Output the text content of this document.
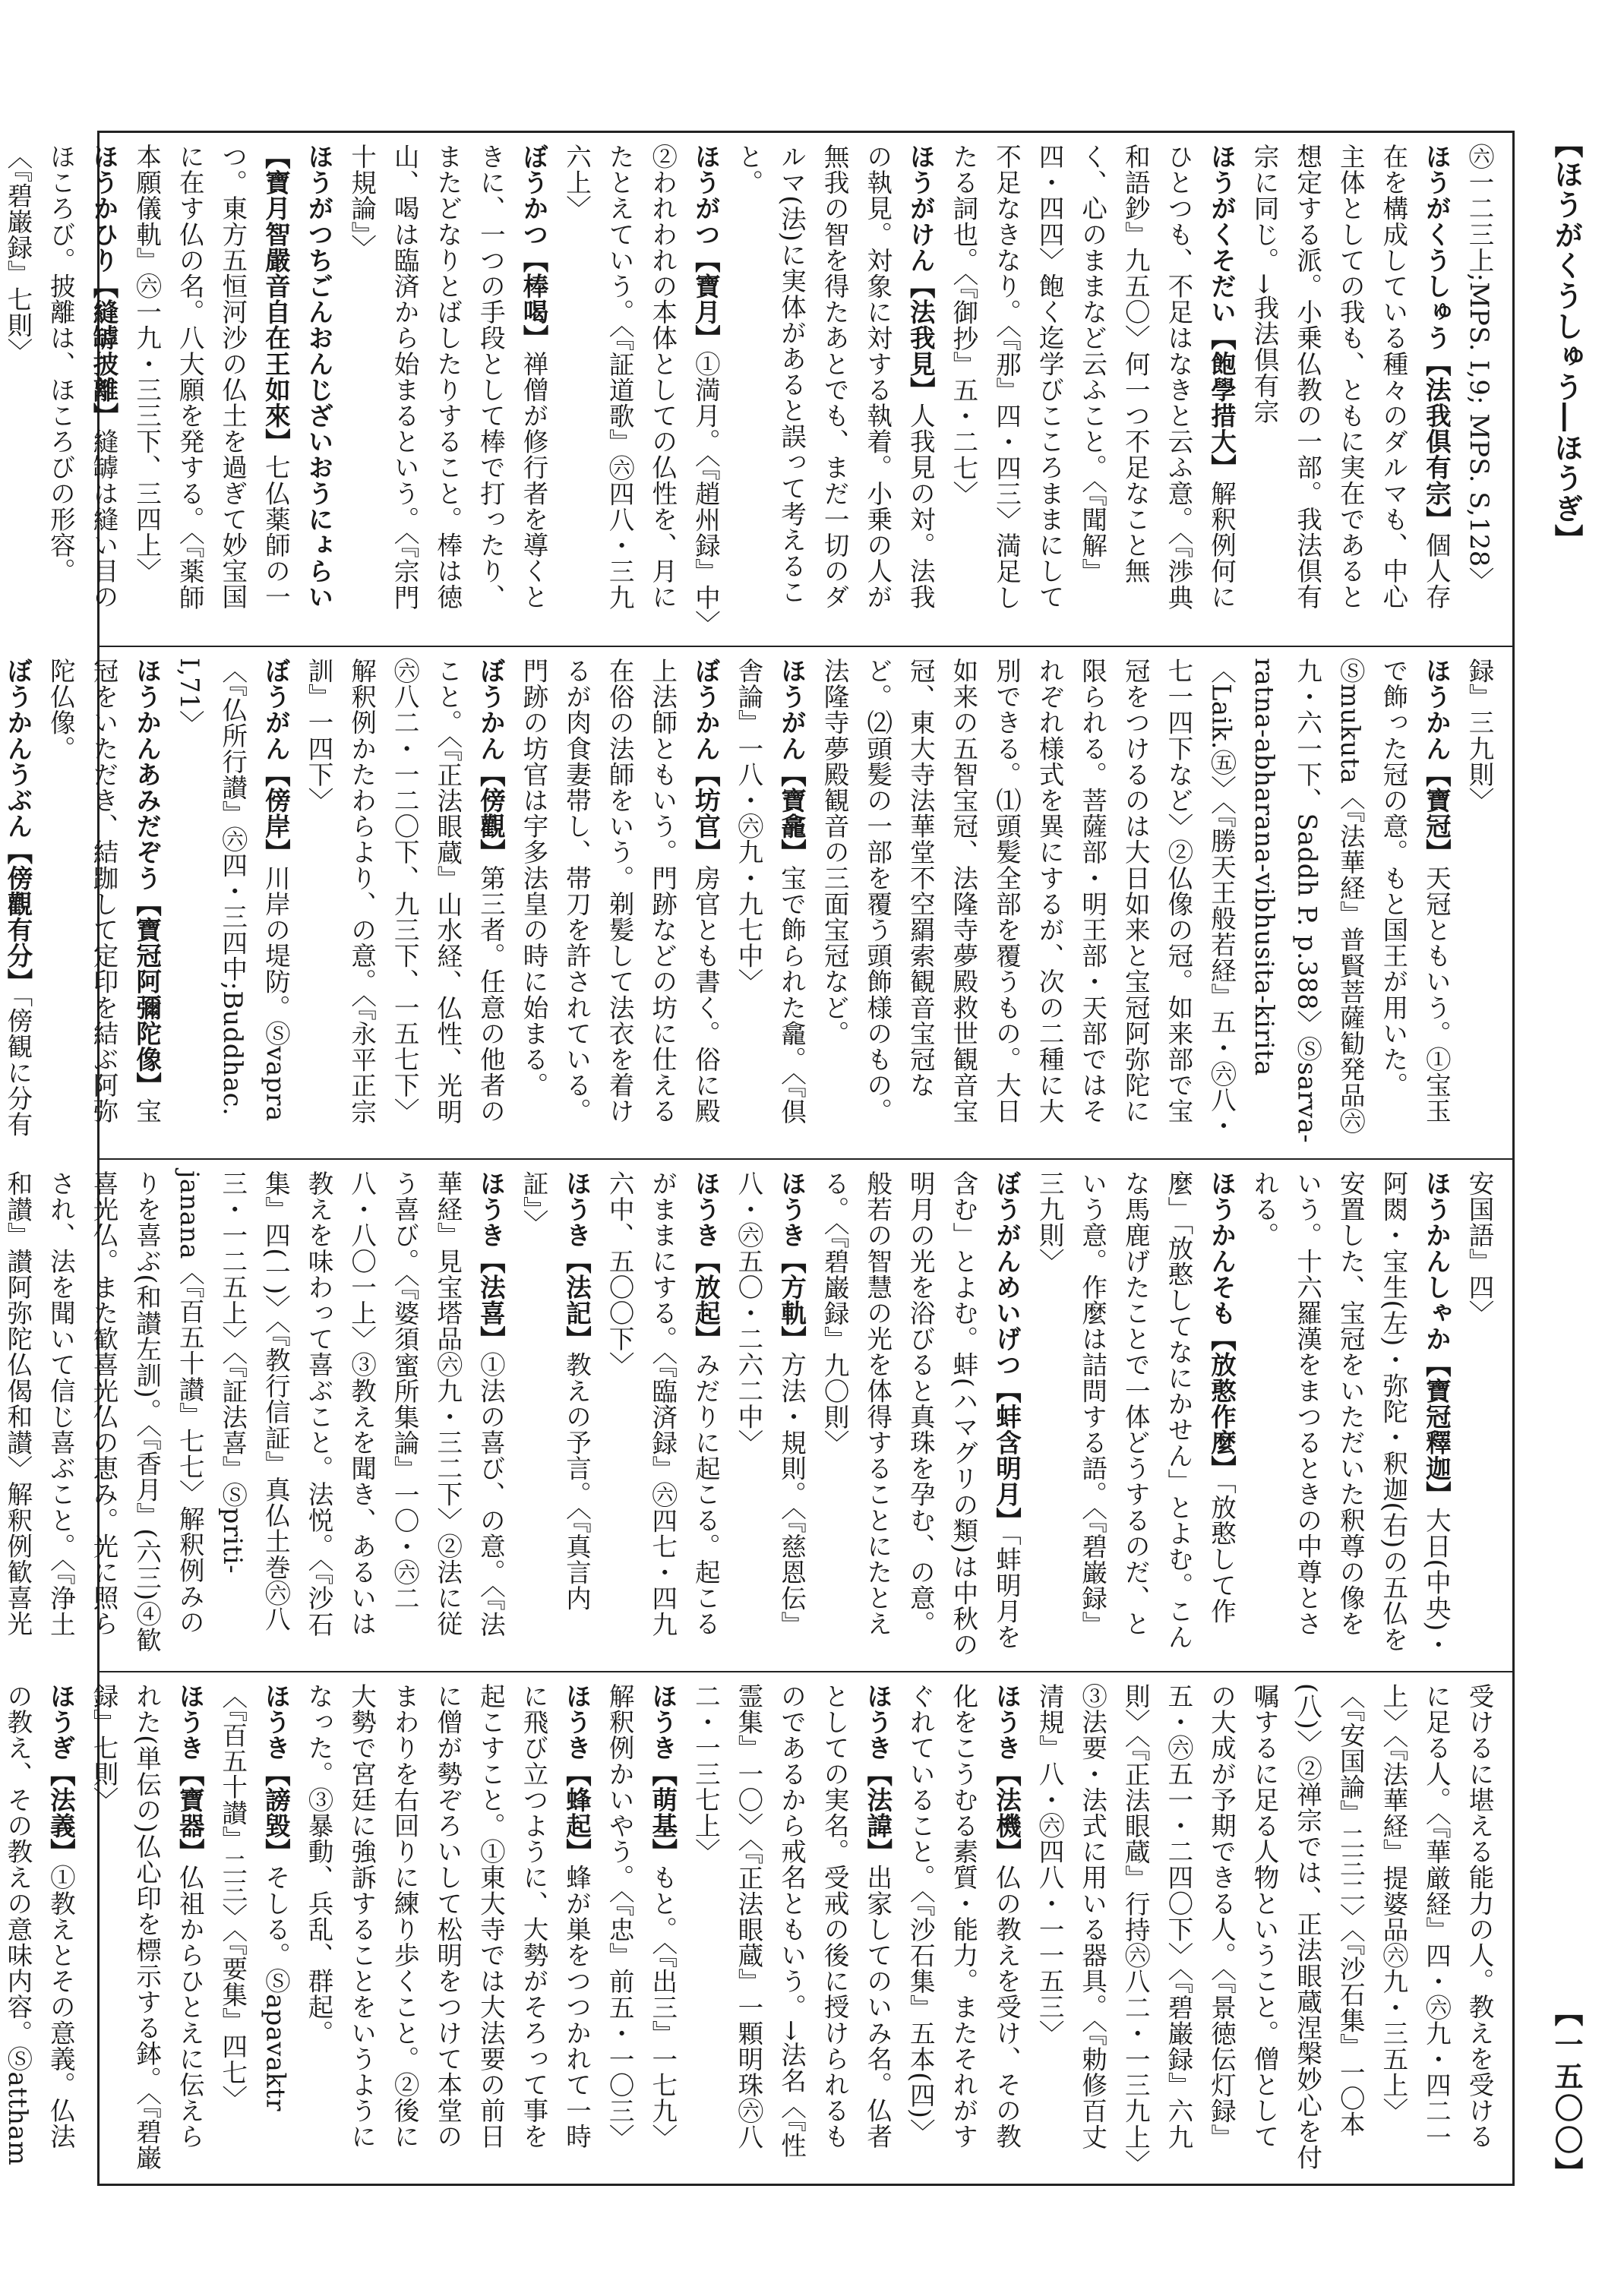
【ほうがくうしゅう―ほうぎ】
【一五〇〇】

㊅一二三上;MPS. I,9; MPS. S,128〉

ほうがくうしゅう【法我倶有宗】個人存在を構成している種々のダルマも、中心主体としての我も、ともに実在であると想定する派。小乗仏教の一部。我法倶有宗に同じ。→我法倶有宗

ほうがくそだい【飽學措大】解釈例何にひとつも、不足はなきと云ふ意。〈『渉典和語鈔』九五〇〉何一つ不足なこと無く、心のままなど云ふこと。〈『聞解』四・四四〉飽く迄学びこころままにして不足なきなり。〈『那』四・四三〉満足したる詞也。〈『御抄』五・二七〉

ほうがけん【法我見】人我見の対。法我の執見。対象に対する執着。小乗の人が無我の智を得たあとでも、まだ一切のダルマ(法)に実体があると誤って考えること。

ほうがつ【寶月】①満月。〈『趙州録』中〉②われわれの本体としての仏性を、月にたとえていう。〈『証道歌』㊅四八・三九六上〉

ぼうかつ【棒喝】禅僧が修行者を導くときに、一つの手段として棒で打ったり、またどなりとばしたりすること。棒は徳山、喝は臨済から始まるという。〈『宗門十規論』〉

ほうがつちごんおんじざいおうにょらい【寶月智嚴音自在王如來】七仏薬師の一つ。東方五恒河沙の仏土を過ぎて妙宝国に在す仏の名。八大願を発する。〈『薬師本願儀軌』㊅一九・三三下、三四上〉

ほうかひり【縫罅披離】縫罅は縫い目のほころび。披離は、ほころびの形容。〈『碧巌録』七則〉

録』三九則〉

ほうかん【寶冠】天冠ともいう。①宝玉で飾った冠の意。もと国王が用いた。Ⓢmukuta〈『法華経』普賢菩薩勧発品㊅九・六一下、Saddh P. p.388〉Ⓢsarva-ratna-abharana-vibhusita-kirita〈Laik.㊄〉〈『勝天王般若経』五・㊅八・七一四下など〉②仏像の冠。如来部で宝冠をつけるのは大日如来と宝冠阿弥陀に限られる。菩薩部・明王部・天部ではそれぞれ様式を異にするが、次の二種に大別できる。⑴頭髪全部を覆うもの。大日如来の五智宝冠、法隆寺夢殿救世観音宝冠、東大寺法華堂不空羂索観音宝冠など。⑵頭髪の一部を覆う頭飾様のもの。法隆寺夢殿観音の三面宝冠など。

ほうがん【寶龕】宝で飾られた龕。〈『倶舎論』一八・㊅九・九七中〉

ぼうかん【坊官】房官とも書く。俗に殿上法師ともいう。門跡などの坊に仕える在俗の法師をいう。剃髪して法衣を着けるが肉食妻帯し、帯刀を許されている。門跡の坊官は宇多法皇の時に始まる。

ぼうかん【傍觀】第三者。任意の他者のこと。〈『正法眼蔵』山水経、仏性、光明㊅八二・一二〇下、九三下、一五七下〉解釈例かたわらより、の意。〈『永平正宗訓』一四下〉

ぼうがん【傍岸】川岸の堤防。Ⓢvapra〈『仏所行讃』㊅四・三四中;Buddhac. I,71〉

ほうかんあみだぞう【寶冠阿彌陀像】宝冠をいただき、結跏して定印を結ぶ阿弥陀仏像。

ぼうかんうぶん【傍觀有分】「傍観に分有

安国語』四〉

ほうかんしゃか【寶冠釋迦】大日(中央)・阿閦・宝生(左)・弥陀・釈迦(右)の五仏を安置した、宝冠をいただいた釈尊の像をいう。十六羅漢をまつるときの中尊とされる。

ほうかんそも【放憨作麼】「放憨して作麼」「放憨してなにかせん」とよむ。こんな馬鹿げたことで一体どうするのだ、という意。作麼は詰問する語。〈『碧巌録』三九則〉

ぼうがんめいげつ【蚌含明月】「蚌明月を含む」とよむ。蚌(ハマグリの類)は中秋の明月の光を浴びると真珠を孕む、の意。般若の智慧の光を体得することにたとえる。〈『碧巌録』九〇則〉

ほうき【方軌】方法・規則。〈『慈恩伝』八・㊅五〇・二六二中〉

ほうき【放起】みだりに起こる。起こるがままにする。〈『臨済録』㊅四七・四九六中、五〇〇下〉

ほうき【法記】教えの予言。〈『真言内証』〉

ほうき【法喜】①法の喜び、の意。〈『法華経』見宝塔品㊅九・三二下〉②法に従う喜び。〈『婆須蜜所集論』一〇・㊅二八・八〇一上〉③教えを聞き、あるいは教えを味わって喜ぶこと。法悦。〈『沙石集』四(一)〉〈『教行信証』真仏土巻㊅八三・一二五上〉〈『証法喜』Ⓢpriti-janana〈『百五十讃』七七〉解釈例みのりを喜ぶ(和讃左訓)。〈『香月』(六三)④歓喜光仏。また歓喜光仏の恵み。光に照らされ、法を聞いて信じ喜ぶこと。〈『浄土和讃』讃阿弥陀仏偈和讃〉解釈例歓喜光

受けるに堪える能力の人。教えを受けるに足る人。〈『華厳経』四・㊅九・四二一上〉〈『法華経』提婆品㊅九・三五上〉〈『安国論』二三二〉〈『沙石集』一〇本(八)〉②禅宗では、正法眼蔵涅槃妙心を付嘱するに足る人物ということ。僧としての大成が予期できる人。〈『景徳伝灯録』五・㊅五一・二四〇下〉〈『碧巌録』六九則〉〈『正法眼蔵』行持㊅八二・一三九上〉③法要・法式に用いる器具。〈『勅修百丈清規』八・㊅四八・一一五三〉

ほうき【法機】仏の教えを受け、その教化をこうむる素質・能力。またそれがすぐれていること。〈『沙石集』五本(四)〉

ほうき【法諱】出家してのいみ名。仏者としての実名。受戒の後に授けられるものであるから戒名ともいう。→法名〈『性霊集』一〇〉〈『正法眼蔵』一顆明珠㊅八二・一三七上〉

ほうき【萌基】もと。〈『出三』一七九〉

解釈例かいやう。〈『忠』前五・一〇三〉

ほうき【蜂起】蜂が巣をつつかれて一時に飛び立つように、大勢がそろって事を起こすこと。①東大寺では大法要の前日に僧が勢ぞろいして松明をつけて本堂のまわりを右回りに練り歩くこと。②後に大勢で宮廷に強訴することをいうようになった。③暴動、兵乱、群起。

ほうき【謗毀】そしる。Ⓢapavaktr〈『百五十讃』二三〉〈『要集』四七〉

ほうき【寶器】仏祖からひとえに伝えられた(単伝の)仏心印を標示する鉢。〈『碧巌録』七則〉

ほうぎ【法義】①教えとその意義。仏法の教え、その教えの意味内容。Ⓢattham
